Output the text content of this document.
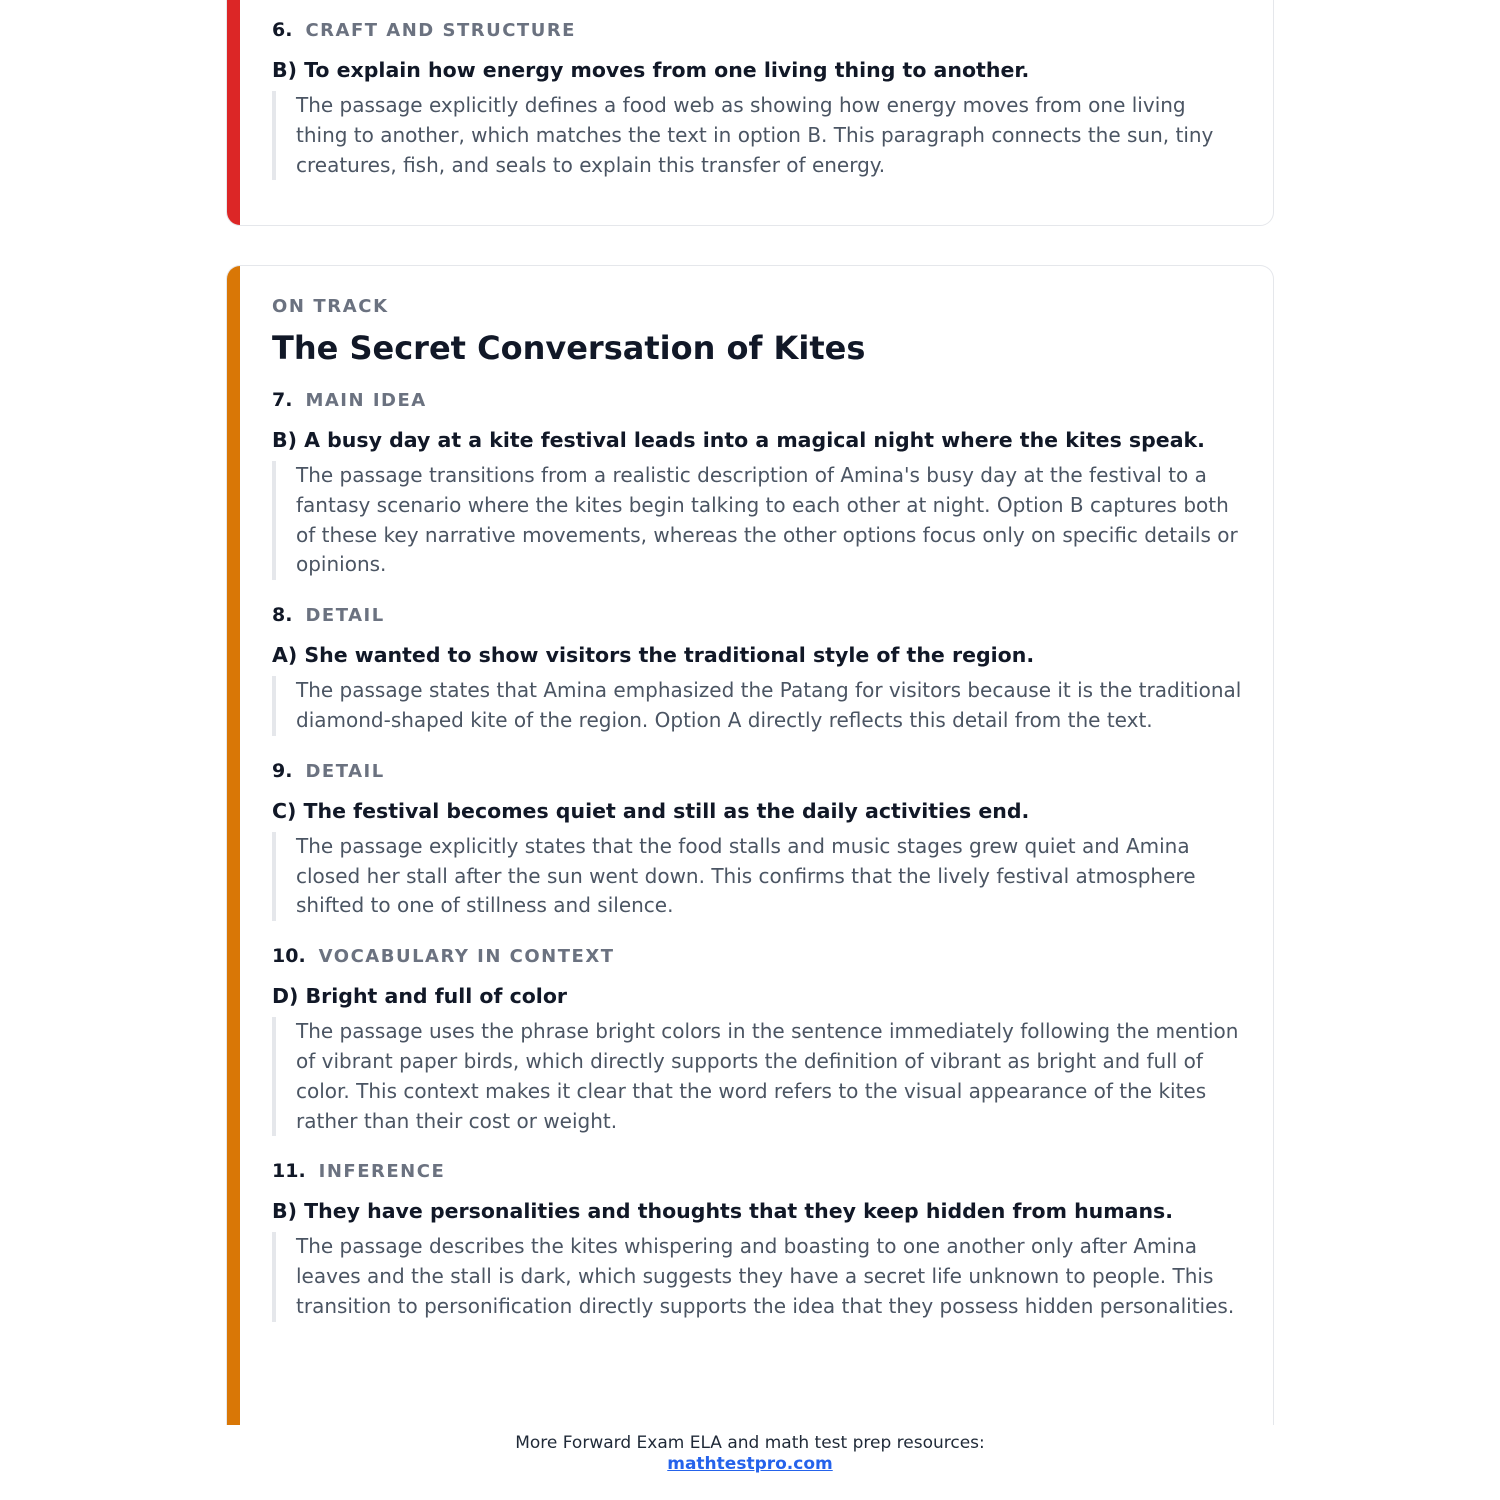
6. CRAFT AND STRUCTURE
B) To explain how energy moves from one living thing to another.
The passage explicitly defines a food web as showing how energy moves from one living thing to another, which matches the text in option B. This paragraph connects the sun, tiny creatures, fish, and seals to explain this transfer of energy.
ON TRACK
The Secret Conversation of Kites
7. MAIN IDEA
B) A busy day at a kite festival leads into a magical night where the kites speak.
The passage transitions from a realistic description of Amina's busy day at the festival to a fantasy scenario where the kites begin talking to each other at night. Option B captures both of these key narrative movements, whereas the other options focus only on specific details or opinions.
8. DETAIL
A) She wanted to show visitors the traditional style of the region.
The passage states that Amina emphasized the Patang for visitors because it is the traditional diamond-shaped kite of the region. Option A directly reflects this detail from the text.
9. DETAIL
C) The festival becomes quiet and still as the daily activities end.
The passage explicitly states that the food stalls and music stages grew quiet and Amina closed her stall after the sun went down. This confirms that the lively festival atmosphere shifted to one of stillness and silence.
10. VOCABULARY IN CONTEXT
D) Bright and full of color
The passage uses the phrase bright colors in the sentence immediately following the mention of vibrant paper birds, which directly supports the definition of vibrant as bright and full of color. This context makes it clear that the word refers to the visual appearance of the kites rather than their cost or weight.
11. INFERENCE
B) They have personalities and thoughts that they keep hidden from humans.
The passage describes the kites whispering and boasting to one another only after Amina leaves and the stall is dark, which suggests they have a secret life unknown to people. This transition to personification directly supports the idea that they possess hidden personalities.
More Forward Exam ELA and math test prep resources:
mathtestpro.com
